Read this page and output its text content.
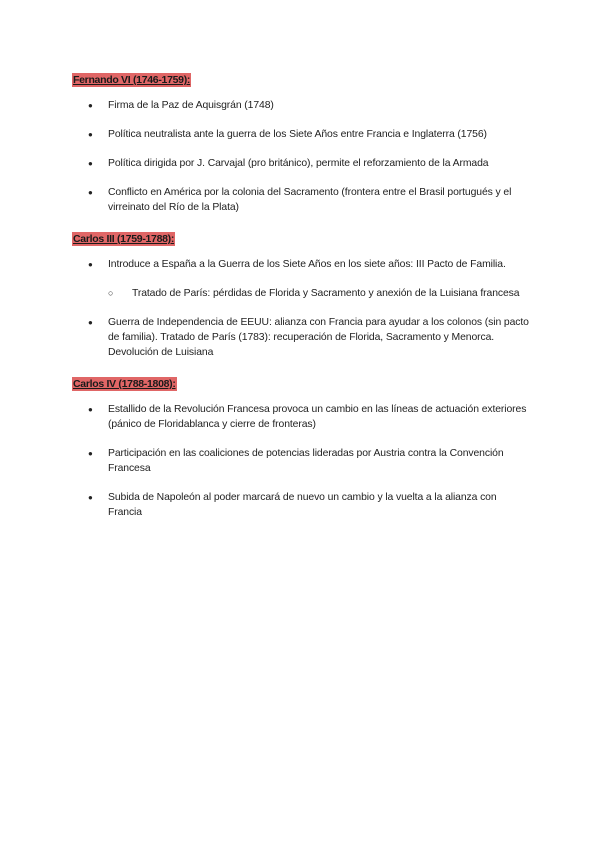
Fernando VI (1746-1759):
● Firma de la Paz de Aquisgrán (1748)
● Política neutralista ante la guerra de los Siete Años entre Francia e Inglaterra (1756)
● Política dirigida por J. Carvajal (pro británico), permite el reforzamiento de la Armada
● Conflicto en América por la colonia del Sacramento (frontera entre el Brasil portugués y el virreinato del Río de la Plata)
Carlos III (1759-1788):
● Introduce a España a la Guerra de los Siete Años en los siete años: III Pacto de Familia.
○ Tratado de París: pérdidas de Florida y Sacramento y anexión de la Luisiana francesa
● Guerra de Independencia de EEUU: alianza con Francia para ayudar a los colonos (sin pacto de familia). Tratado de París (1783): recuperación de Florida, Sacramento y Menorca. Devolución de Luisiana
Carlos IV (1788-1808):
● Estallido de la Revolución Francesa provoca un cambio en las líneas de actuación exteriores (pánico de Floridablanca y cierre de fronteras)
● Participación en las coaliciones de potencias lideradas por Austria contra la Convención Francesa
● Subida de Napoleón al poder marcará de nuevo un cambio y la vuelta a la alianza con Francia
